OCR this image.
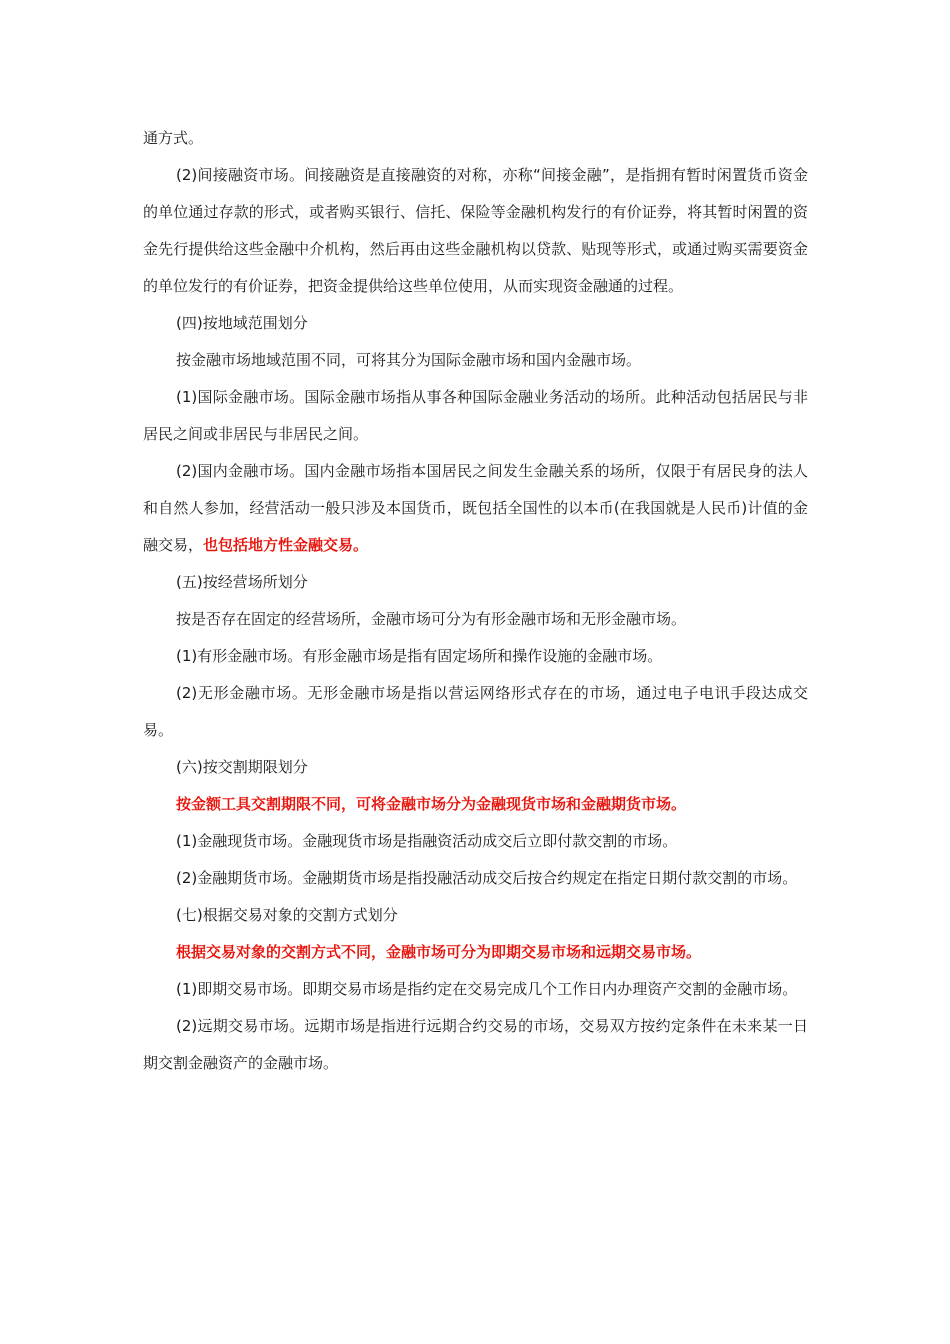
通方式。

(2)间接融资市场。间接融资是直接融资的对称，亦称“间接金融”，是指拥有暂时闲置货币资金的单位通过存款的形式，或者购买银行、信托、保险等金融机构发行的有价证券，将其暂时闲置的资金先行提供给这些金融中介机构，然后再由这些金融机构以贷款、贴现等形式，或通过购买需要资金的单位发行的有价证券，把资金提供给这些单位使用，从而实现资金融通的过程。

(四)按地域范围划分

按金融市场地域范围不同，可将其分为国际金融市场和国内金融市场。

(1)国际金融市场。国际金融市场指从事各种国际金融业务活动的场所。此种活动包括居民与非居民之间或非居民与非居民之间。

(2)国内金融市场。国内金融市场指本国居民之间发生金融关系的场所，仅限于有居民身的法人和自然人参加，经营活动一般只涉及本国货币，既包括全国性的以本币(在我国就是人民币)计值的金融交易，也包括地方性金融交易。

(五)按经营场所划分

按是否存在固定的经营场所，金融市场可分为有形金融市场和无形金融市场。

(1)有形金融市场。有形金融市场是指有固定场所和操作设施的金融市场。

(2)无形金融市场。无形金融市场是指以营运网络形式存在的市场，通过电子电讯手段达成交易。

(六)按交割期限划分

按金额工具交割期限不同，可将金融市场分为金融现货市场和金融期货市场。

(1)金融现货市场。金融现货市场是指融资活动成交后立即付款交割的市场。

(2)金融期货市场。金融期货市场是指投融活动成交后按合约规定在指定日期付款交割的市场。

(七)根据交易对象的交割方式划分

根据交易对象的交割方式不同，金融市场可分为即期交易市场和远期交易市场。

(1)即期交易市场。即期交易市场是指约定在交易完成几个工作日内办理资产交割的金融市场。

(2)远期交易市场。远期市场是指进行远期合约交易的市场，交易双方按约定条件在未来某一日期交割金融资产的金融市场。
